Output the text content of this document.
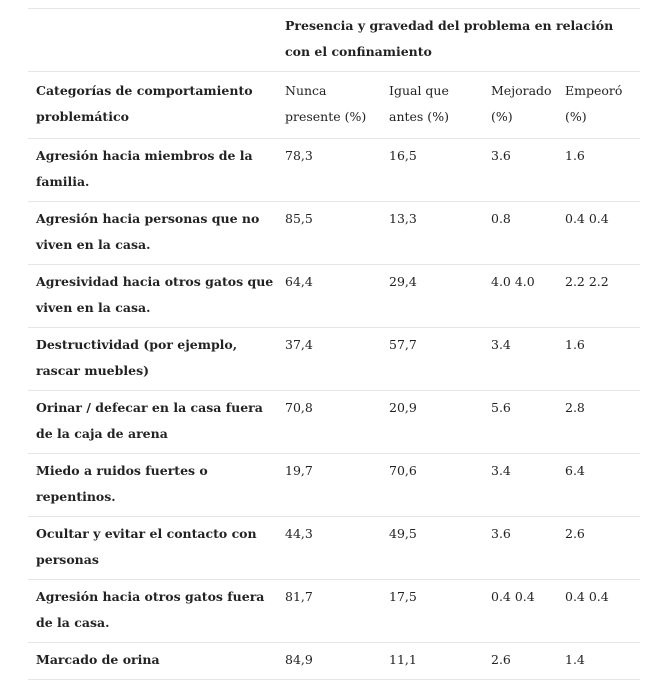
	Presencia y gravedad del problema en relación con el confinamiento			
Categorías de comportamiento problemático	Nunca presente (%)	Igual que antes (%)	Mejorado (%)	Empeoró (%)
Agresión hacia miembros de la familia.	78,3	16,5	3.6	1.6
Agresión hacia personas que no viven en la casa.	85,5	13,3	0.8	0.4 0.4
Agresividad hacia otros gatos que viven en la casa.	64,4	29,4	4.0 4.0	2.2 2.2
Destructividad (por ejemplo, rascar muebles)	37,4	57,7	3.4	1.6
Orinar / defecar en la casa fuera de la caja de arena	70,8	20,9	5.6	2.8
Miedo a ruidos fuertes o repentinos.	19,7	70,6	3.4	6.4
Ocultar y evitar el contacto con personas	44,3	49,5	3.6	2.6
Agresión hacia otros gatos fuera de la casa.	81,7	17,5	0.4 0.4	0.4 0.4
Marcado de orina	84,9	11,1	2.6	1.4
